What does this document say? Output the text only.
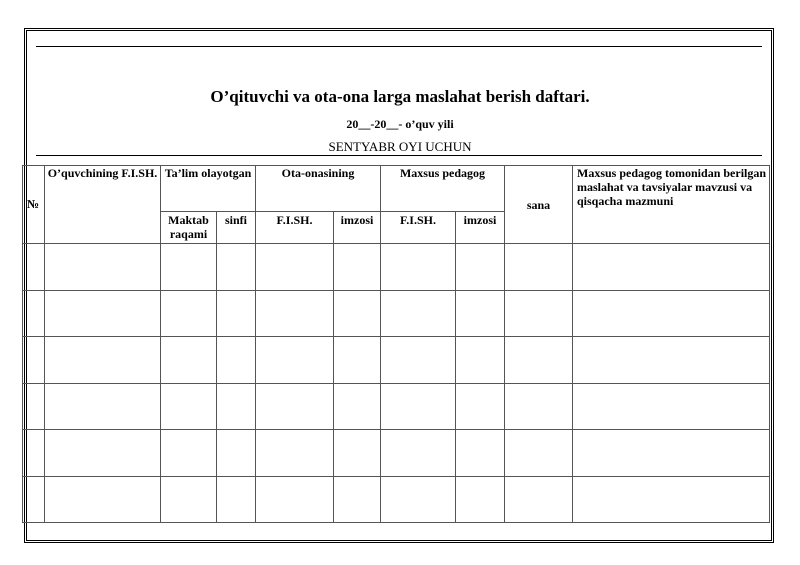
O’qituvchi va ota-ona larga maslahat berish daftari.
20__-20__- o’quv yili
SENTYABR OYI UCHUN
№	O’quvchining F.I.SH.	Ta’lim olayotgan		Ota-onasining		Maxsus pedagog		sana	Maxsus pedagog tomonidan berilgan maslahat va tavsiyalar mavzusi va qisqacha mazmuni
		Maktab raqami	sinfi	F.I.SH.	imzosi	F.I.SH.	imzosi		
